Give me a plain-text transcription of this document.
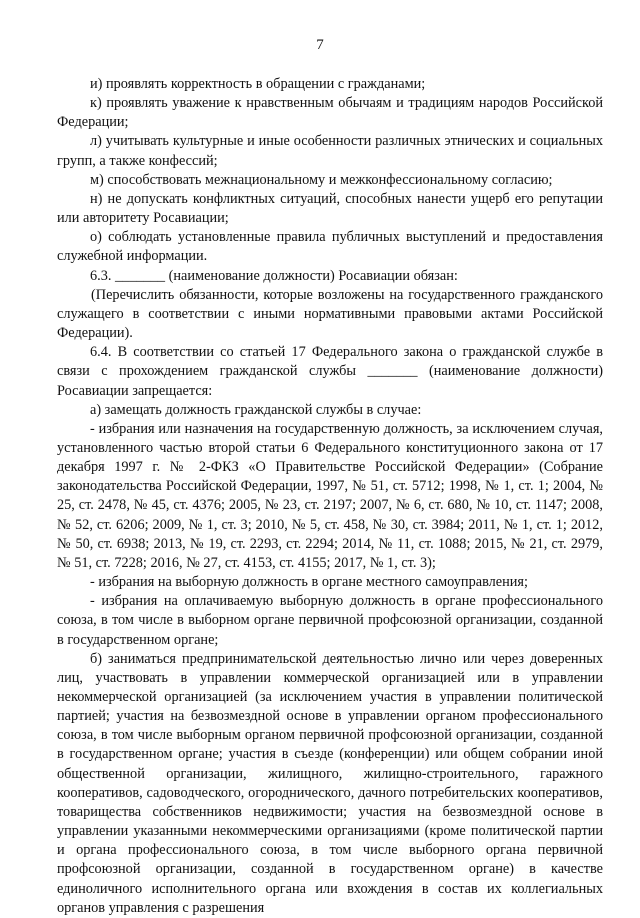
7

и) проявлять корректность в обращении с гражданами;

к) проявлять уважение к нравственным обычаям и традициям народов Российской Федерации;

л) учитывать культурные и иные особенности различных этнических и социальных групп, а также конфессий;

м) способствовать межнациональному и межконфессиональному согласию;

н) не допускать конфликтных ситуаций, способных нанести ущерб его репутации или авторитету Росавиации;

о) соблюдать установленные правила публичных выступлений и предоставления служебной информации.

6.3. _______ (наименование должности) Росавиации обязан:

(Перечислить обязанности, которые возложены на государственного гражданского служащего в соответствии с иными нормативными правовыми актами Российской Федерации).

6.4. В соответствии со статьей 17 Федерального закона о гражданской службе в связи с прохождением гражданской службы _______ (наименование должности) Росавиации запрещается:

а) замещать должность гражданской службы в случае:

- избрания или назначения на государственную должность, за исключением случая, установленного частью второй статьи 6 Федерального конституционного закона от 17 декабря 1997 г. № 2-ФКЗ «О Правительстве Российской Федерации» (Собрание законодательства Российской Федерации, 1997, № 51, ст. 5712; 1998, № 1, ст. 1; 2004, № 25, ст. 2478, № 45, ст. 4376; 2005, № 23, ст. 2197; 2007, № 6, ст. 680, № 10, ст. 1147; 2008, № 52, ст. 6206; 2009, № 1, ст. 3; 2010, № 5, ст. 458, № 30, ст. 3984; 2011, № 1, ст. 1; 2012, № 50, ст. 6938; 2013, № 19, ст. 2293, ст. 2294; 2014, № 11, ст. 1088; 2015, № 21, ст. 2979, № 51, ст. 7228; 2016, № 27, ст. 4153, ст. 4155; 2017, № 1, ст. 3);

- избрания на выборную должность в органе местного самоуправления;

- избрания на оплачиваемую выборную должность в органе профессионального союза, в том числе в выборном органе первичной профсоюзной организации, созданной в государственном органе;

б) заниматься предпринимательской деятельностью лично или через доверенных лиц, участвовать в управлении коммерческой организацией или в управлении некоммерческой организацией (за исключением участия в управлении политической партией; участия на безвозмездной основе в управлении органом профессионального союза, в том числе выборным органом первичной профсоюзной организации, созданной в государственном органе; участия в съезде (конференции) или общем собрании иной общественной организации, жилищного, жилищно-строительного, гаражного кооперативов, садоводческого, огороднического, дачного потребительских кооперативов, товарищества собственников недвижимости; участия на безвозмездной основе в управлении указанными некоммерческими организациями (кроме политической партии и органа профессионального союза, в том числе выборного органа первичной профсоюзной организации, созданной в государственном органе) в качестве единоличного исполнительного органа или вхождения в состав их коллегиальных органов управления с разрешения
